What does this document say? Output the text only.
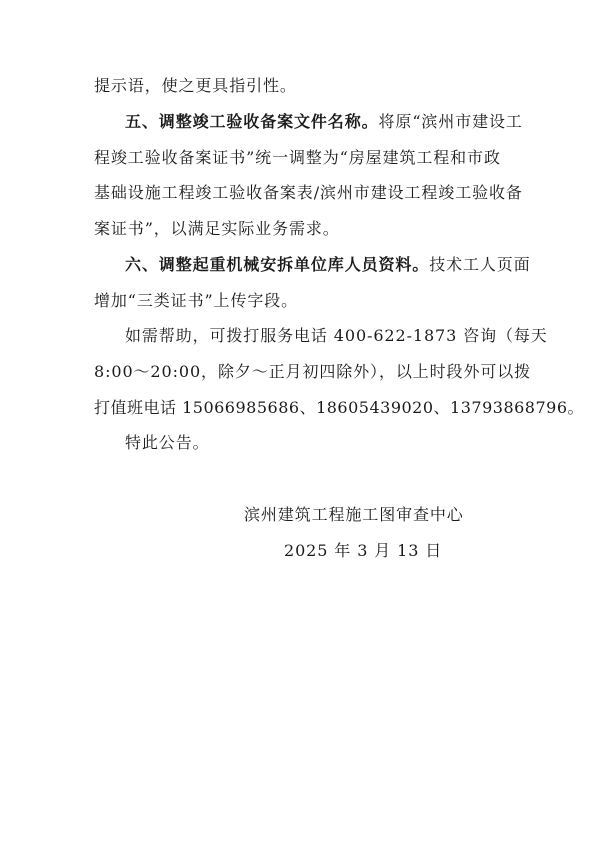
提示语，使之更具指引性。
五、调整竣工验收备案文件名称。将原“滨州市建设工
程竣工验收备案证书”统一调整为“房屋建筑工程和市政
基础设施工程竣工验收备案表/滨州市建设工程竣工验收备
案证书”，以满足实际业务需求。
六、调整起重机械安拆单位库人员资料。技术工人页面
增加“三类证书”上传字段。
如需帮助，可拨打服务电话 400-622-1873 咨询（每天
8:00～20:00，除夕～正月初四除外），以上时段外可以拨
打值班电话 15066985686、18605439020、13793868796。
特此公告。
滨州建筑工程施工图审查中心
2025 年 3 月 13 日
